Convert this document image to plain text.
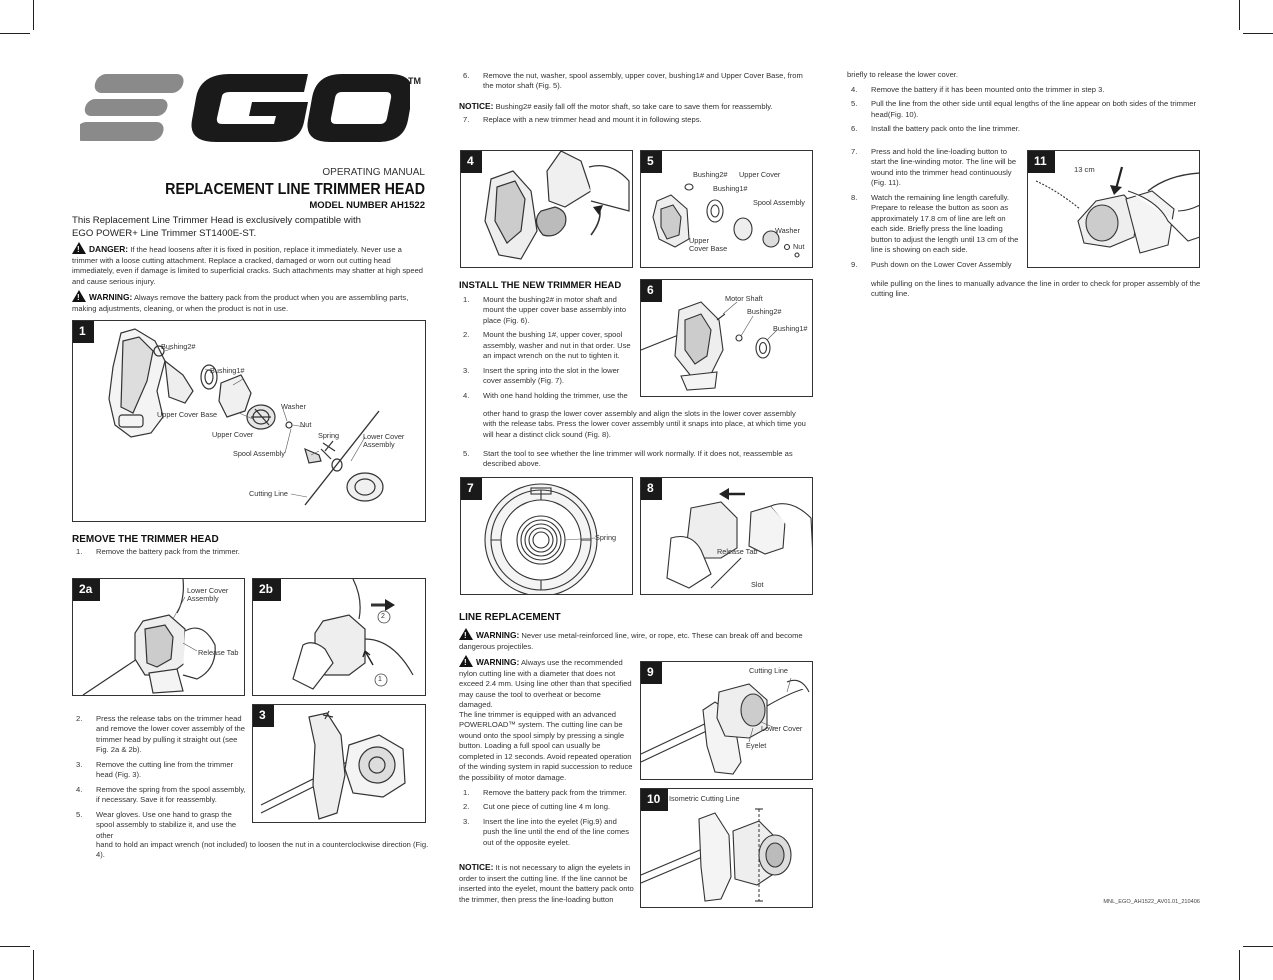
TM
OPERATING MANUAL
REPLACEMENT LINE TRIMMER HEAD
MODEL NUMBER AH1522
This Replacement Line Trimmer Head is exclusively compatible with
EGO POWER+ Line Trimmer ST1400E-ST.
!DANGER: If the head loosens after it is fixed in position, replace it immediately. Never use a trimmer with a loose cutting attachment. Replace a cracked, damaged or worn out cutting head immediately, even if damage is limited to superficial cracks. Such attachments may shatter at high speed and cause serious injury.
!WARNING: Always remove the battery pack from the product when you are assembling parts, making adjustments, cleaning, or when the product is not in use.
1
Bushing2#
Bushing1#
Upper Cover Base
Washer
Upper Cover
Nut
Spring	Lower Cover
Assembly
Spool Assembly
Cutting Line
REMOVE THE TRIMMER HEAD
1. Remove the battery pack from the trimmer.
2a	Lower Cover
Assembly
Release Tab
2b
2
1
2. Press the release tabs on the trimmer head and remove the lower cover assembly of the trimmer head by pulling it straight out (see Fig. 2a & 2b).
3. Remove the cutting line from the trimmer head (Fig. 3).
4. Remove the spring from the spool assembly, if necessary. Save it for reassembly.
5. Wear gloves. Use one hand to grasp the spool assembly to stabilize it, and use the other
hand to hold an impact wrench (not included) to loosen the nut in a counterclockwise direction (Fig. 4).
3
6. Remove the nut, washer, spool assembly, upper cover, bushing1# and Upper Cover Base, from the motor shaft (Fig. 5).
NOTICE: Bushing2# easily fall off the motor shaft, so take care to save them for reassembly.
7. Replace with a new trimmer head and mount it in following steps.
4	5
Bushing2# Upper Cover
Bushing1#
Spool Assembly
Washer
Upper
Cover Base	Nut
INSTALL THE NEW TRIMMER HEAD
1. Mount the bushing2# in motor shaft and mount the upper cover base assembly into place (Fig. 6).
2. Mount the bushing 1#, upper cover, spool assembly, washer and nut in that order. Use an impact wrench on the nut to tighten it.
3. Insert the spring into the slot in the lower cover assembly (Fig. 7).
4. With one hand holding the trimmer, use the
other hand to grasp the lower cover assembly and align the slots in the lower cover assembly with the release tabs. Press the lower cover assembly until it snaps into place, at which time you will hear a distinct click sound (Fig. 8).
5. Start the tool to see whether the line trimmer will work normally. If it does not, reassemble as described above.
6
Motor Shaft
Bushing2#
Bushing1#
7
Spring
8
Release Tab
Slot
LINE REPLACEMENT
!WARNING: Never use metal-reinforced line, wire, or rope, etc. These can break off and become dangerous projectiles.
!WARNING: Always use the recommended nylon cutting line with a diameter that does not exceed 2.4 mm. Using line other than that specified may cause the tool to overheat or become damaged.
The line trimmer is equipped with an advanced POWERLOAD™ system. The cutting line can be wound onto the spool simply by pressing a single button. Loading a full spool can usually be completed in 12 seconds. Avoid repeated operation of the winding system in rapid succession to reduce the possibility of motor damage.
1. Remove the battery pack from the trimmer.
2. Cut one piece of cutting line 4 m long.
3. Insert the line into the eyelet (Fig.9) and push the line until the end of the line comes out of the opposite eyelet.
NOTICE: It is not necessary to align the eyelets in order to insert the cutting line. If the line cannot be inserted into the eyelet, mount the battery pack onto the trimmer, then press the line-loading button
9	Cutting Line
Lower Cover
Eyelet
10	Isometric Cutting Line
briefly to release the lower cover.
4. Remove the battery if it has been mounted onto the trimmer in step 3.
5. Pull the line from the other side until equal lengths of the line appear on both sides of the trimmer head(Fig. 10).
6. Install the battery pack onto the line trimmer.
7. Press and hold the line-loading button to start the line-winding motor. The line will be wound into the trimmer head continuously (Fig. 11).
8. Watch the remaining line length carefully. Prepare to release the button as soon as approximately 17.8 cm of line are left on each side. Briefly press the line loading button to adjust the length until 13 cm of the line is showing on each side.
9. Push down on the Lower Cover Assembly
while pulling on the lines to manually advance the line in order to check for proper assembly of the cutting line.
11
13 cm
MNL_EGO_AH1522_AV01.01_210406
